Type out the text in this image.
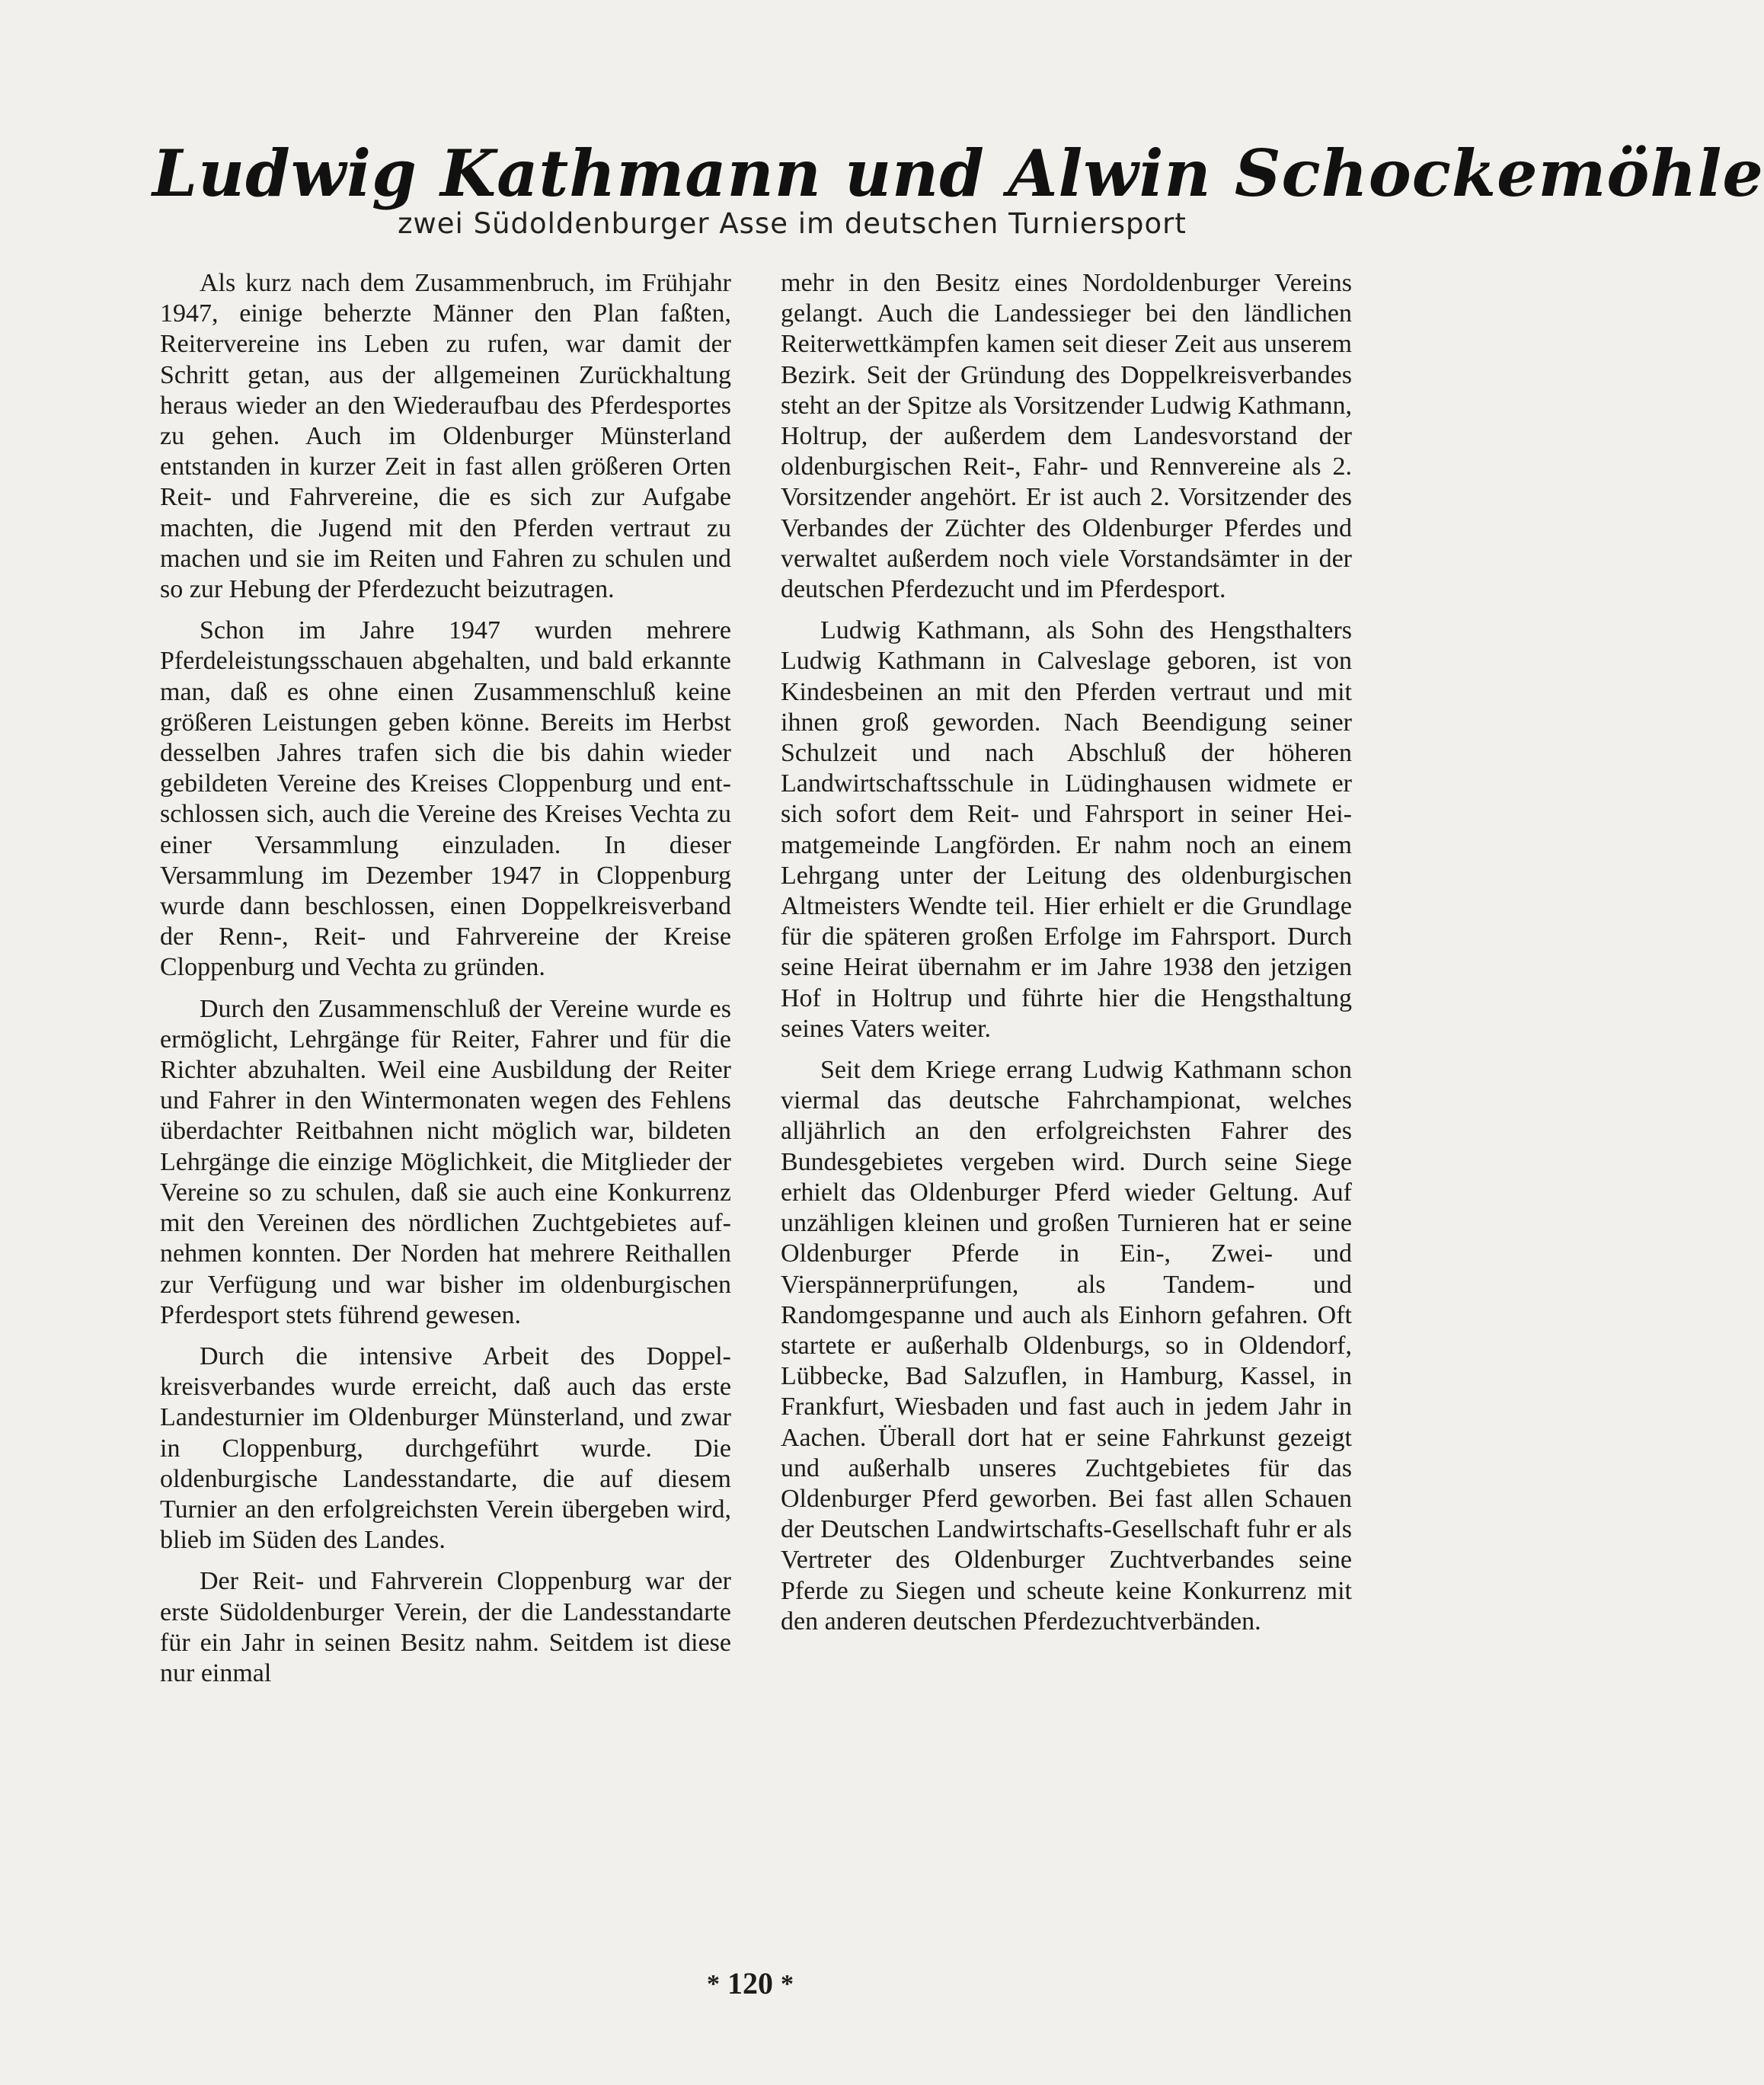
Ludwig Kathmann und Alwin Schockemöhle
zwei Südoldenburger Asse im deutschen Turniersport

Als kurz nach dem Zusammenbruch, im Frühjahr 1947, einige beherzte Männer den Plan faßten, Reitervereine ins Leben zu rufen, war damit der Schritt getan, aus der allgemeinen Zurückhaltung heraus wieder an den Wiederaufbau des Pferdesportes zu gehen. Auch im Oldenburger Münsterland entstanden in kurzer Zeit in fast allen größeren Orten Reit- und Fahrvereine, die es sich zur Aufgabe machten, die Jugend mit den Pferden vertraut zu machen und sie im Reiten und Fahren zu schulen und so zur Hebung der Pferdezucht beizutragen.

Schon im Jahre 1947 wurden mehrere Pferdeleistungsschauen abgehalten, und bald erkannte man, daß es ohne einen Zusammenschluß keine größeren Leistungen geben könne. Bereits im Herbst desselben Jahres trafen sich die bis dahin wieder gebildeten Vereine des Kreises Cloppenburg und entschlossen sich, auch die Vereine des Kreises Vechta zu einer Versammlung einzuladen. In dieser Versammlung im Dezember 1947 in Cloppenburg wurde dann beschlossen, einen Doppelkreisverband der Renn-, Reit- und Fahrvereine der Kreise Cloppenburg und Vechta zu gründen.

Durch den Zusammenschluß der Vereine wurde es ermöglicht, Lehrgänge für Reiter, Fahrer und für die Richter abzuhalten. Weil eine Ausbildung der Reiter und Fahrer in den Wintermonaten wegen des Fehlens überdachter Reitbahnen nicht möglich war, bildeten Lehrgänge die einzige Möglichkeit, die Mitglieder der Vereine so zu schulen, daß sie auch eine Konkurrenz mit den Vereinen des nördlichen Zuchtgebietes aufnehmen konnten. Der Norden hat mehrere Reithallen zur Verfügung und war bisher im oldenburgischen Pferdesport stets führend gewesen.

Durch die intensive Arbeit des Doppelkreisverbandes wurde erreicht, daß auch das erste Landesturnier im Oldenburger Münsterland, und zwar in Cloppenburg, durchgeführt wurde. Die oldenburgische Landesstandarte, die auf diesem Turnier an den erfolgreichsten Verein übergeben wird, blieb im Süden des Landes.

Der Reit- und Fahrverein Cloppenburg war der erste Südoldenburger Verein, der die Landesstandarte für ein Jahr in seinen Besitz nahm. Seitdem ist diese nur einmal

mehr in den Besitz eines Nordoldenburger Vereins gelangt. Auch die Landessieger bei den ländlichen Reiterwettkämpfen kamen seit dieser Zeit aus unserem Bezirk. Seit der Gründung des Doppelkreisverbandes steht an der Spitze als Vorsitzender Ludwig Kathmann, Holtrup, der außerdem dem Landesvorstand der oldenburgischen Reit-, Fahr- und Rennvereine als 2. Vorsitzender angehört. Er ist auch 2. Vorsitzender des Verbandes der Züchter des Oldenburger Pferdes und verwaltet außerdem noch viele Vorstandsämter in der deutschen Pferdezucht und im Pferdesport.

Ludwig Kathmann, als Sohn des Hengsthalters Ludwig Kathmann in Calveslage geboren, ist von Kindesbeinen an mit den Pferden vertraut und mit ihnen groß geworden. Nach Beendigung seiner Schulzeit und nach Abschluß der höheren Landwirtschaftsschule in Lüdinghausen widmete er sich sofort dem Reit- und Fahrsport in seiner Heimatgemeinde Langförden. Er nahm noch an einem Lehrgang unter der Leitung des oldenburgischen Altmeisters Wendte teil. Hier erhielt er die Grundlage für die späteren großen Erfolge im Fahrsport. Durch seine Heirat übernahm er im Jahre 1938 den jetzigen Hof in Holtrup und führte hier die Hengsthaltung seines Vaters weiter.

Seit dem Kriege errang Ludwig Kathmann schon viermal das deutsche Fahrchampionat, welches alljährlich an den erfolgreichsten Fahrer des Bundesgebietes vergeben wird. Durch seine Siege erhielt das Oldenburger Pferd wieder Geltung. Auf unzähligen kleinen und großen Turnieren hat er seine Oldenburger Pferde in Ein-, Zwei- und Vierspännerprüfungen, als Tandem- und Randomgespanne und auch als Einhorn gefahren. Oft startete er außerhalb Oldenburgs, so in Oldendorf, Lübbecke, Bad Salzuflen, in Hamburg, Kassel, in Frankfurt, Wiesbaden und fast auch in jedem Jahr in Aachen. Überall dort hat er seine Fahrkunst gezeigt und außerhalb unseres Zuchtgebietes für das Oldenburger Pferd geworben. Bei fast allen Schauen der Deutschen Landwirtschafts-Gesellschaft fuhr er als Vertreter des Oldenburger Zuchtverbandes seine Pferde zu Siegen und scheute keine Konkurrenz mit den anderen deutschen Pferdezuchtverbänden.

* 120 *
